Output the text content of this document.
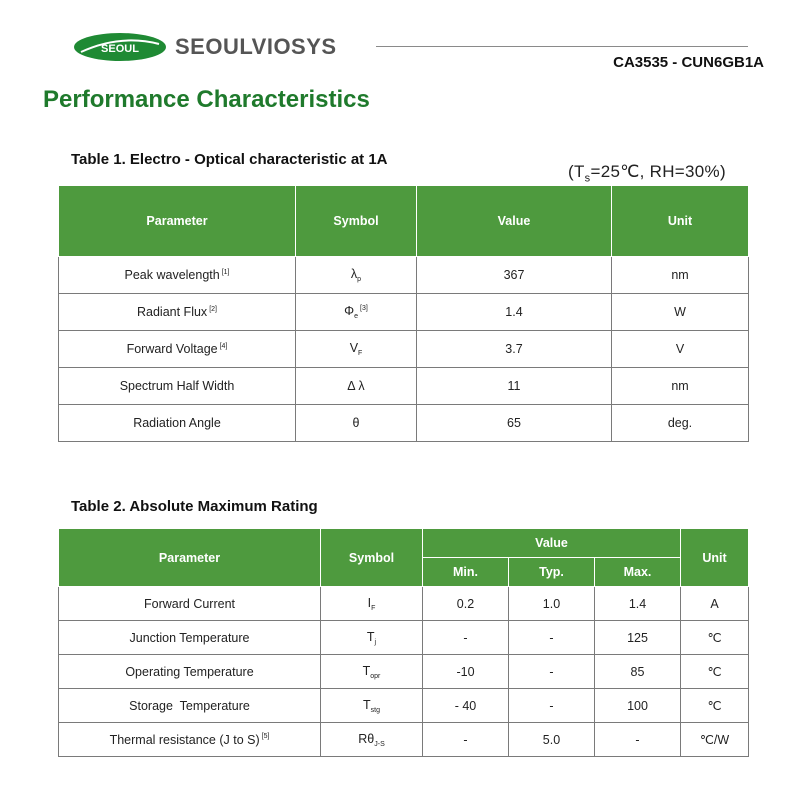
SEOUL SEOULVIOSYS
CA3535 - CUN6GB1A
Performance Characteristics
Table 1. Electro - Optical characteristic at 1A
($T_s=25℃$, RH=30%)
Parameter	Symbol	Value	Unit
Peak wavelength [1]	$\lambda_p$	367	nm
Radiant Flux [2]	$\Phi_e[3]$	1.4	W
Forward Voltage [4]	$V_F$	3.7	V
Spectrum Half Width	Δ λ	11	nm
Radiation Angle	θ	65	deg.
Table 2. Absolute Maximum Rating
Parameter	Symbol	Value			Unit
		Min.	Typ.	Max.	
Forward Current	$I_F$	0.2	1.0	1.4	A
Junction Temperature	$T_j$	-	-	125	℃
Operating Temperature	$T_{opr}$	-10	-	85	℃
Storage  Temperature	$T_{stg}$	- 40	-	100	℃
Thermal resistance (J to S) [5]	$R\theta_{J-S}$	-	5.0	-	℃/W
